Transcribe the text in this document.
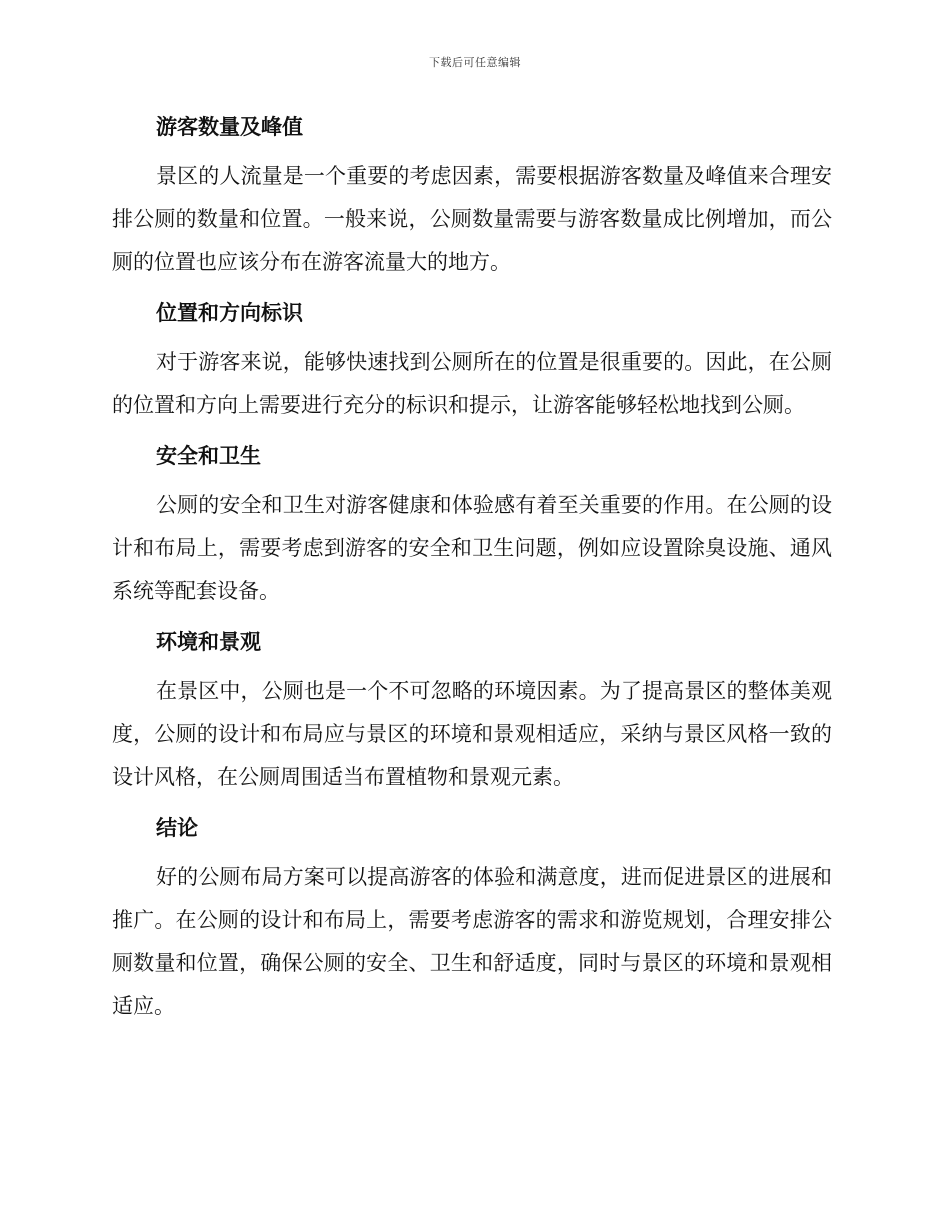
下载后可任意编辑
游客数量及峰值

景区的人流量是一个重要的考虑因素，需要根据游客数量及峰值来合理安排公厕的数量和位置。一般来说，公厕数量需要与游客数量成比例增加，而公厕的位置也应该分布在游客流量大的地方。

位置和方向标识

对于游客来说，能够快速找到公厕所在的位置是很重要的。因此，在公厕的位置和方向上需要进行充分的标识和提示，让游客能够轻松地找到公厕。

安全和卫生

公厕的安全和卫生对游客健康和体验感有着至关重要的作用。在公厕的设计和布局上，需要考虑到游客的安全和卫生问题，例如应设置除臭设施、通风系统等配套设备。

环境和景观

在景区中，公厕也是一个不可忽略的环境因素。为了提高景区的整体美观度，公厕的设计和布局应与景区的环境和景观相适应，采纳与景区风格一致的设计风格，在公厕周围适当布置植物和景观元素。

结论

好的公厕布局方案可以提高游客的体验和满意度，进而促进景区的进展和推广。在公厕的设计和布局上，需要考虑游客的需求和游览规划，合理安排公厕数量和位置，确保公厕的安全、卫生和舒适度，同时与景区的环境和景观相适应。
